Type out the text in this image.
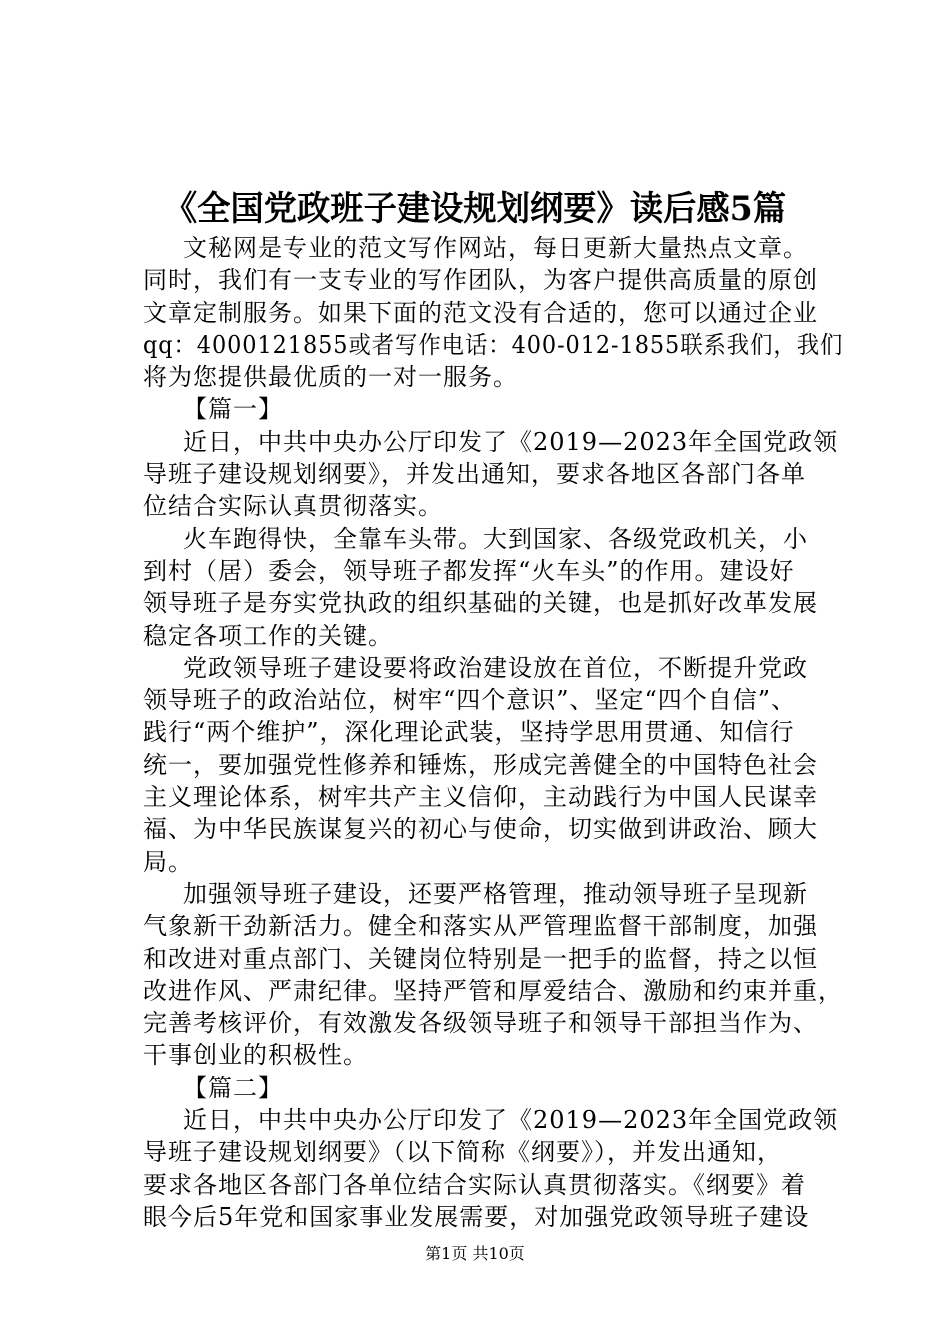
《全国党政班子建设规划纲要》读后感5篇
文秘网是专业的范文写作网站，每日更新大量热点文章。
同时，我们有一支专业的写作团队，为客户提供高质量的原创
文章定制服务。如果下面的范文没有合适的，您可以通过企业
qq：4000121855或者写作电话：400-012-1855联系我们，我们
将为您提供最优质的一对一服务。
【篇一】
近日，中共中央办公厅印发了《2019—2023年全国党政领
导班子建设规划纲要》，并发出通知，要求各地区各部门各单
位结合实际认真贯彻落实。
火车跑得快，全靠车头带。大到国家、各级党政机关，小
到村（居）委会，领导班子都发挥“火车头”的作用。建设好
领导班子是夯实党执政的组织基础的关键，也是抓好改革发展
稳定各项工作的关键。
党政领导班子建设要将政治建设放在首位，不断提升党政
领导班子的政治站位，树牢“四个意识”、坚定“四个自信”、
践行“两个维护”，深化理论武装，坚持学思用贯通、知信行
统一，要加强党性修养和锤炼，形成完善健全的中国特色社会
主义理论体系，树牢共产主义信仰，主动践行为中国人民谋幸
福、为中华民族谋复兴的初心与使命，切实做到讲政治、顾大
局。
加强领导班子建设，还要严格管理，推动领导班子呈现新
气象新干劲新活力。健全和落实从严管理监督干部制度，加强
和改进对重点部门、关键岗位特别是一把手的监督，持之以恒
改进作风、严肃纪律。坚持严管和厚爱结合、激励和约束并重，
完善考核评价，有效激发各级领导班子和领导干部担当作为、
干事创业的积极性。
【篇二】
近日，中共中央办公厅印发了《2019—2023年全国党政领
导班子建设规划纲要》（以下简称《纲要》），并发出通知，
要求各地区各部门各单位结合实际认真贯彻落实。《纲要》着
眼今后5年党和国家事业发展需要，对加强党政领导班子建设
第1页 共10页
